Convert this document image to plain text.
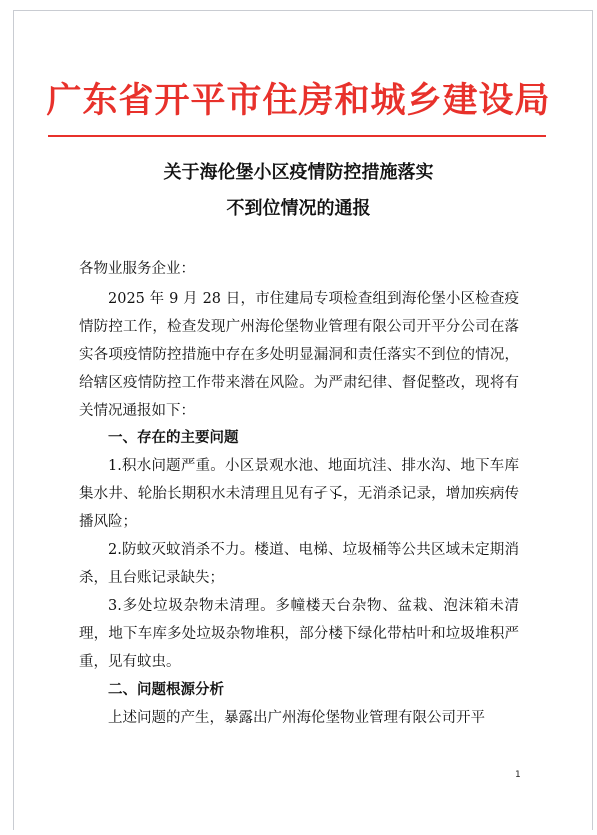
广东省开平市住房和城乡建设局
关于海伦堡小区疫情防控措施落实
不到位情况的通报

各物业服务企业：

2025 年 9 月 28 日，市住建局专项检查组到海伦堡小区检查疫情防控工作，检查发现广州海伦堡物业管理有限公司开平分公司在落实各项疫情防控措施中存在多处明显漏洞和责任落实不到位的情况，给辖区疫情防控工作带来潜在风险。为严肃纪律、督促整改，现将有关情况通报如下：

一、存在的主要问题

1.积水问题严重。小区景观水池、地面坑洼、排水沟、地下车库集水井、轮胎长期积水未清理且见有孑孓，无消杀记录，增加疾病传播风险；

2.防蚊灭蚊消杀不力。楼道、电梯、垃圾桶等公共区域未定期消杀，且台账记录缺失；

3.多处垃圾杂物未清理。多幢楼天台杂物、盆栽、泡沫箱未清理，地下车库多处垃圾杂物堆积，部分楼下绿化带枯叶和垃圾堆积严重，见有蚊虫。

二、问题根源分析

上述问题的产生，暴露出广州海伦堡物业管理有限公司开平

1
